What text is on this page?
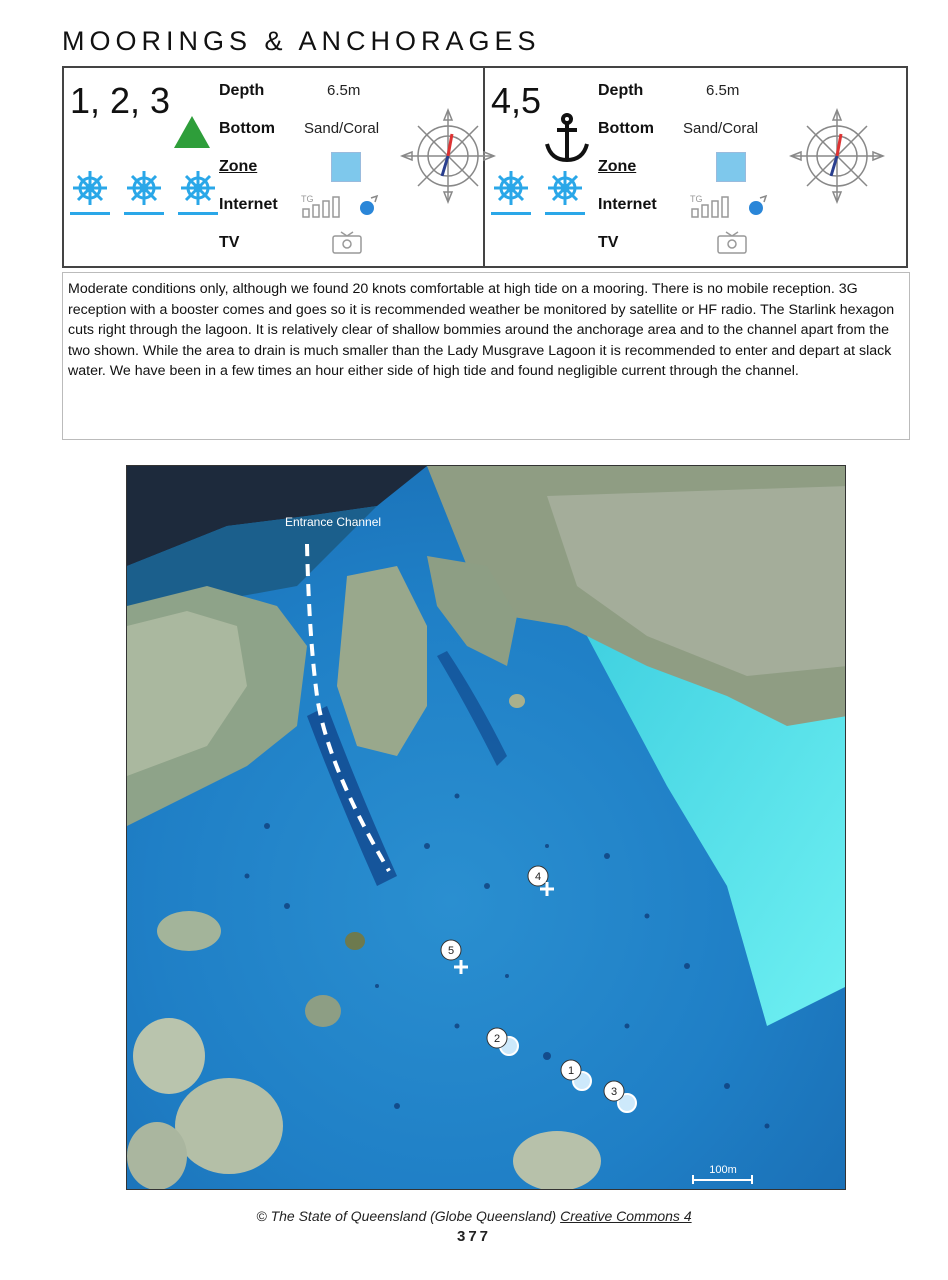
MOORINGS & ANCHORAGES
1, 2, 3	Depth	6.5m
Bottom Sand/Coral
Zone
Internet	TG
TV
4,5	Depth	6.5m
Bottom Sand/Coral
Zone
Internet	TG
TV
Moderate conditions only, although we found 20 knots comfortable at high tide on a mooring. There is no mobile reception. 3G reception with a booster comes and goes so it is recommended weather be monitored by satellite or HF radio. The Starlink hexagon cuts right through the lagoon. It is relatively clear of shallow bommies around the anchorage area and to the channel apart from the two shown. While the area to drain is much smaller than the Lady Musgrave Lagoon it is recommended to enter and depart at slack water. We have been in a few times an hour either side of high tide and found negligible current through the channel.
Entrance Channel
4
5
2
1
3
100m
© The State of Queensland (Globe Queensland) Creative Commons 4
377
